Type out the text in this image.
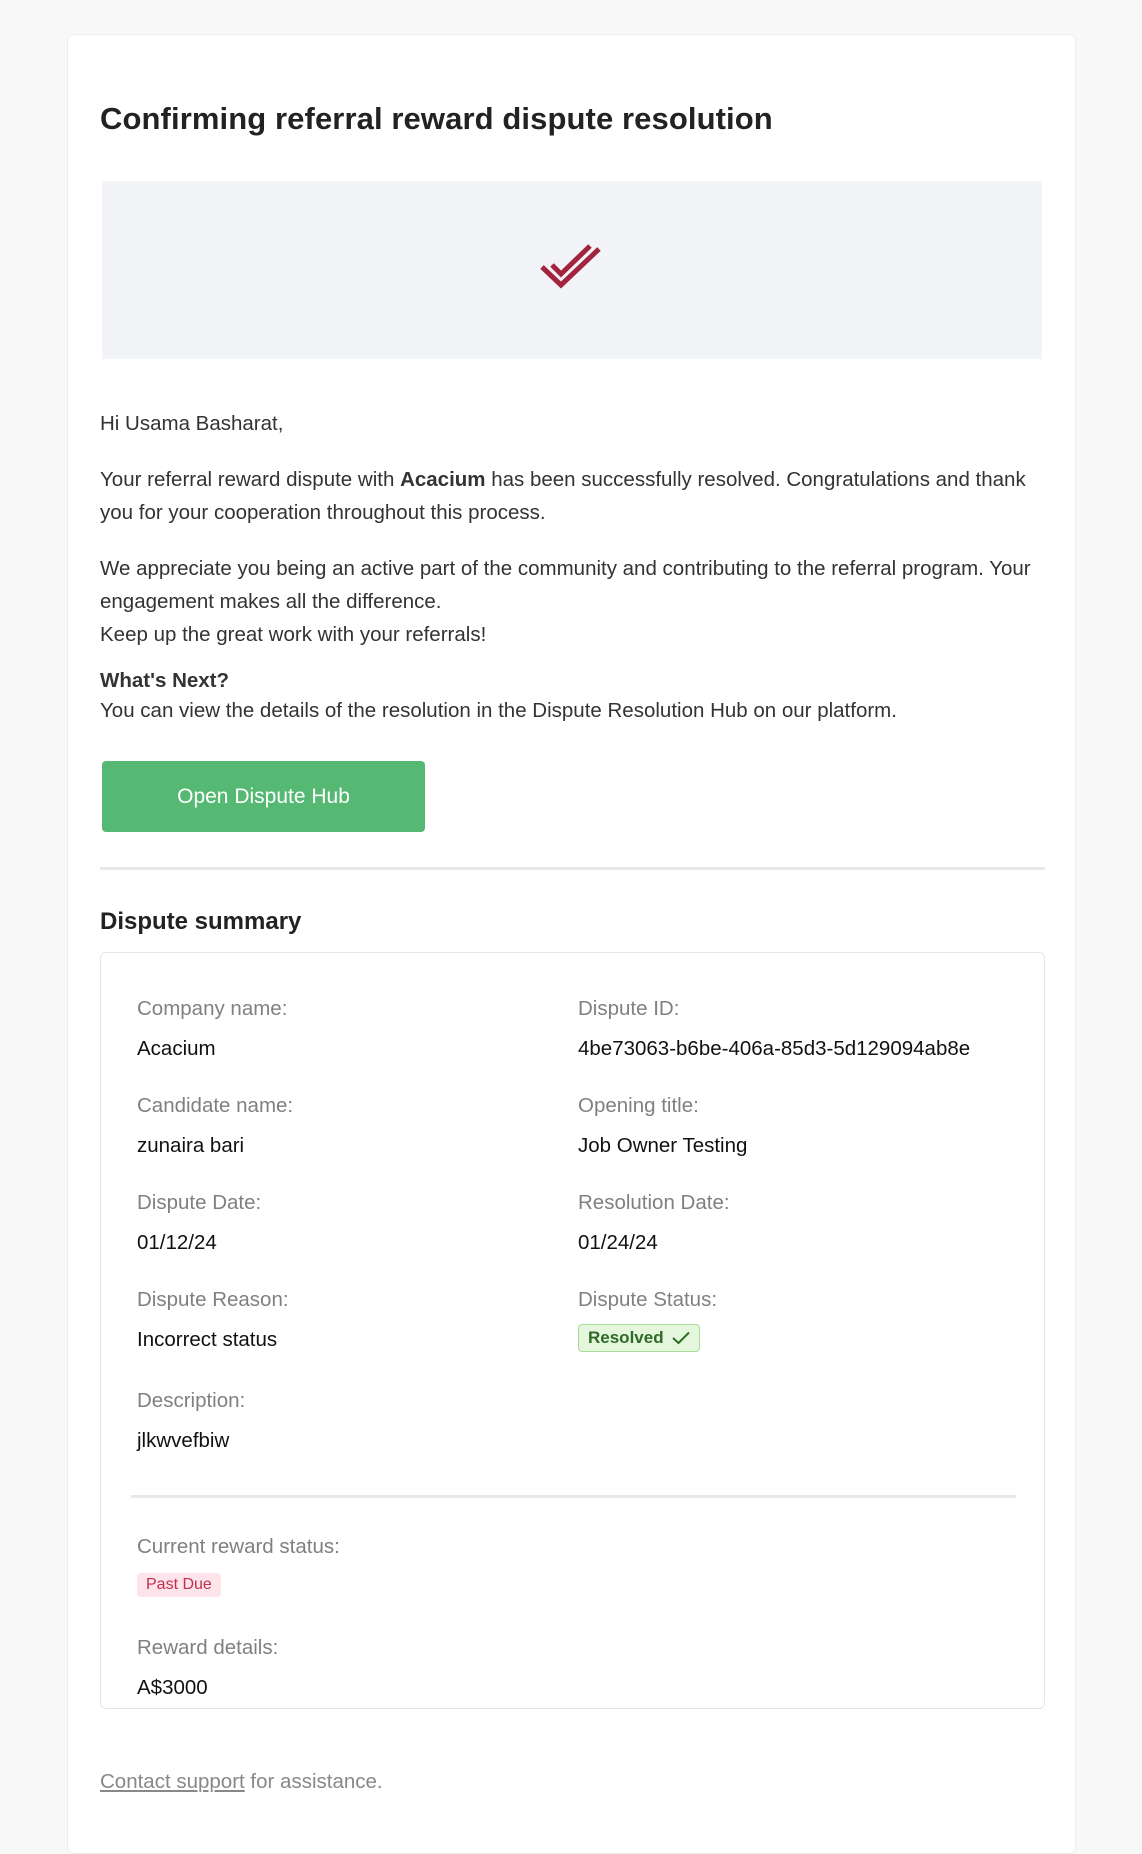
Confirming referral reward dispute resolution

Hi Usama Basharat,

Your referral reward dispute with Acacium has been successfully resolved. Congratulations and thank you for your cooperation throughout this process.

We appreciate you being an active part of the community and contributing to the referral program. Your engagement makes all the difference.

Keep up the great work with your referrals!

What's Next?
You can view the details of the resolution in the Dispute Resolution Hub on our platform.
Open Dispute Hub
Dispute summary
Company name:
Acacium
Dispute ID:
4be73063-b6be-406a-85d3-5d129094ab8e
Candidate name:
zunaira bari
Opening title:
Job Owner Testing
Dispute Date:
01/12/24
Resolution Date:
01/24/24
Dispute Reason:
Incorrect status
Dispute Status:
Resolved
Description:
jlkwvefbiw
Current reward status:
Past Due
Reward details:
A$3000
Contact support for assistance.
